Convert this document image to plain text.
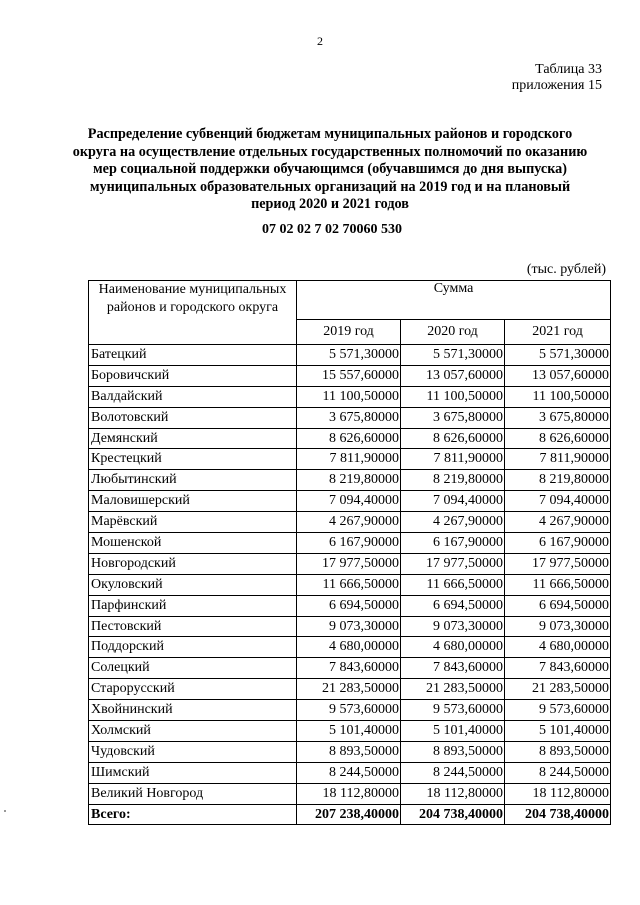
2
Таблица 33
приложения 15
Распределение субвенций бюджетам муниципальных районов и городского округа на осуществление отдельных государственных полномочий по оказанию мер социальной поддержки обучающимся (обучавшимся до дня выпуска) муниципальных образовательных организаций на 2019 год и на плановый период 2020 и 2021 годов
07 02 02 7 02 70060 530
(тыс. рублей)
Наименование муниципальных районов и городского округа	Сумма		
	2019 год	2020 год	2021 год
Батецкий	5 571,30000	5 571,30000	5 571,30000
Боровичский	15 557,60000	13 057,60000	13 057,60000
Валдайский	11 100,50000	11 100,50000	11 100,50000
Волотовский	3 675,80000	3 675,80000	3 675,80000
Демянский	8 626,60000	8 626,60000	8 626,60000
Крестецкий	7 811,90000	7 811,90000	7 811,90000
Любытинский	8 219,80000	8 219,80000	8 219,80000
Маловишерский	7 094,40000	7 094,40000	7 094,40000
Марёвский	4 267,90000	4 267,90000	4 267,90000
Мошенской	6 167,90000	6 167,90000	6 167,90000
Новгородский	17 977,50000	17 977,50000	17 977,50000
Окуловский	11 666,50000	11 666,50000	11 666,50000
Парфинский	6 694,50000	6 694,50000	6 694,50000
Пестовский	9 073,30000	9 073,30000	9 073,30000
Поддорский	4 680,00000	4 680,00000	4 680,00000
Солецкий	7 843,60000	7 843,60000	7 843,60000
Старорусский	21 283,50000	21 283,50000	21 283,50000
Хвойнинский	9 573,60000	9 573,60000	9 573,60000
Холмский	5 101,40000	5 101,40000	5 101,40000
Чудовский	8 893,50000	8 893,50000	8 893,50000
Шимский	8 244,50000	8 244,50000	8 244,50000
Великий Новгород	18 112,80000	18 112,80000	18 112,80000
Всего:	207 238,40000	204 738,40000	204 738,40000
